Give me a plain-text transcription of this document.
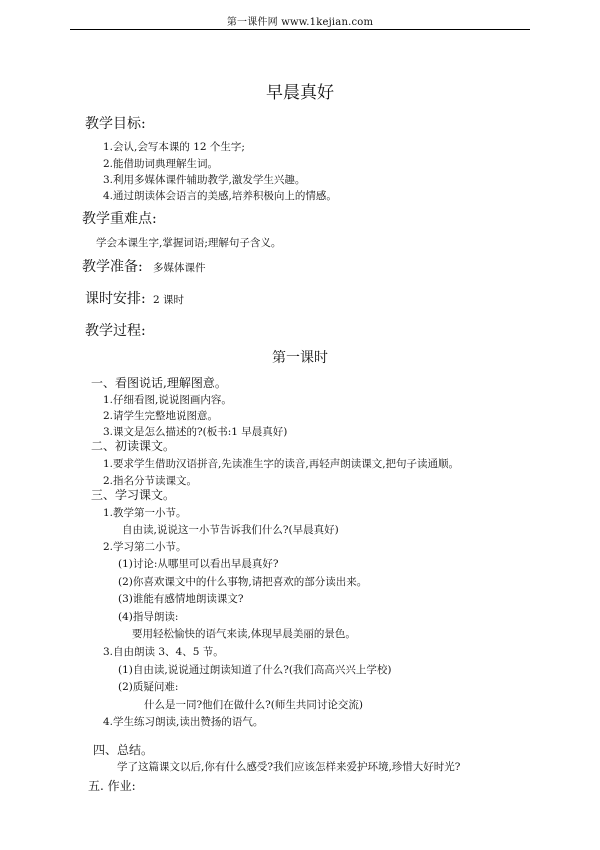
第一课件网 www.1kejian.com
早晨真好
教学目标:
1.会认,会写本课的 12 个生字;
2.能借助词典理解生词。
3.利用多媒体课件辅助教学,激发学生兴趣。
4.通过朗读体会语言的美感,培养积极向上的情感。
教学重难点:
学会本课生字,掌握词语;理解句子含义。
教学准备: 多媒体课件
课时安排: 2 课时
教学过程:
第一课时
一、看图说话,理解图意。
1.仔细看图,说说图画内容。
2.请学生完整地说图意。
3.课文是怎么描述的?(板书:1 早晨真好)
二、初读课文。
1.要求学生借助汉语拼音,先读准生字的读音,再轻声朗读课文,把句子读通顺。
2.指名分节读课文。
三、学习课文。
1.教学第一小节。
自由读,说说这一小节告诉我们什么?(早晨真好)
2.学习第二小节。
(1)讨论:从哪里可以看出早晨真好?
(2)你喜欢课文中的什么事物,请把喜欢的部分读出来。
(3)谁能有感情地朗读课文?
(4)指导朗读:
要用轻松愉快的语气来读,体现早晨美丽的景色。
3.自由朗读 3、4、5 节。
(1)自由读,说说通过朗读知道了什么?(我们高高兴兴上学校)
(2)质疑问难:
什么是一同?他们在做什么?(师生共同讨论交流)
4.学生练习朗读,读出赞扬的语气。
四、总结。
学了这篇课文以后,你有什么感受?我们应该怎样来爱护环境,珍惜大好时光?
五. 作业:
